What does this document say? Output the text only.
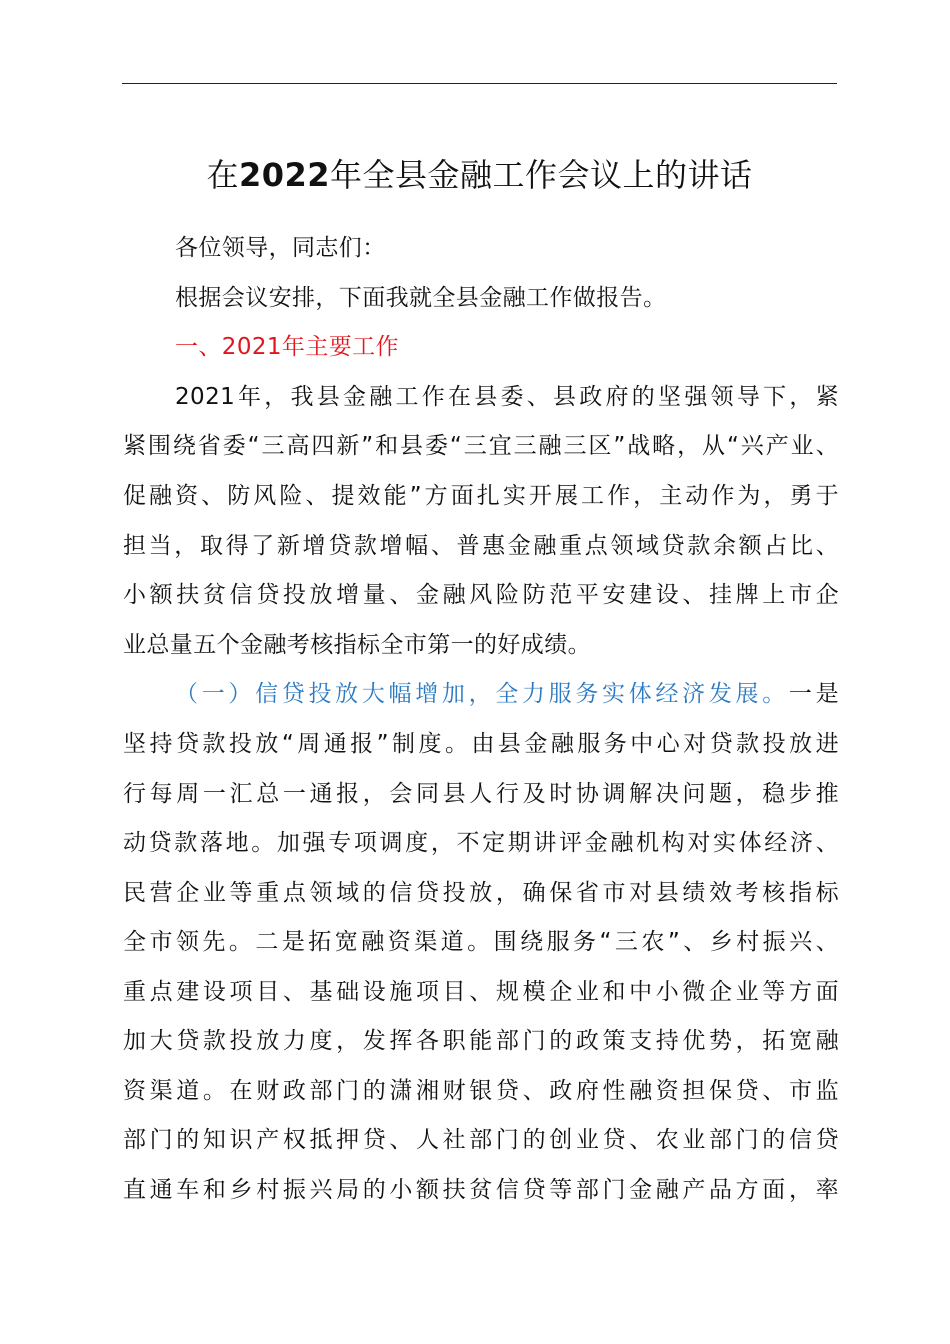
在2022年全县金融工作会议上的讲话
各位领导，同志们：
根据会议安排，下面我就全县金融工作做报告。
一、2021年主要工作
2021年，我县金融工作在县委、县政府的坚强领导下，紧
紧围绕省委“三高四新”和县委“三宜三融三区”战略，从“兴产业、
促融资、防风险、提效能”方面扎实开展工作，主动作为，勇于
担当，取得了新增贷款增幅、普惠金融重点领域贷款余额占比、
小额扶贫信贷投放增量、金融风险防范平安建设、挂牌上市企
业总量五个金融考核指标全市第一的好成绩。
（一）信贷投放大幅增加，全力服务实体经济发展。一是
坚持贷款投放“周通报”制度。由县金融服务中心对贷款投放进
行每周一汇总一通报，会同县人行及时协调解决问题，稳步推
动贷款落地。加强专项调度，不定期讲评金融机构对实体经济、
民营企业等重点领域的信贷投放，确保省市对县绩效考核指标
全市领先。二是拓宽融资渠道。围绕服务“三农”、乡村振兴、
重点建设项目、基础设施项目、规模企业和中小微企业等方面
加大贷款投放力度，发挥各职能部门的政策支持优势，拓宽融
资渠道。在财政部门的潇湘财银贷、政府性融资担保贷、市监
部门的知识产权抵押贷、人社部门的创业贷、农业部门的信贷
直通车和乡村振兴局的小额扶贫信贷等部门金融产品方面，率
